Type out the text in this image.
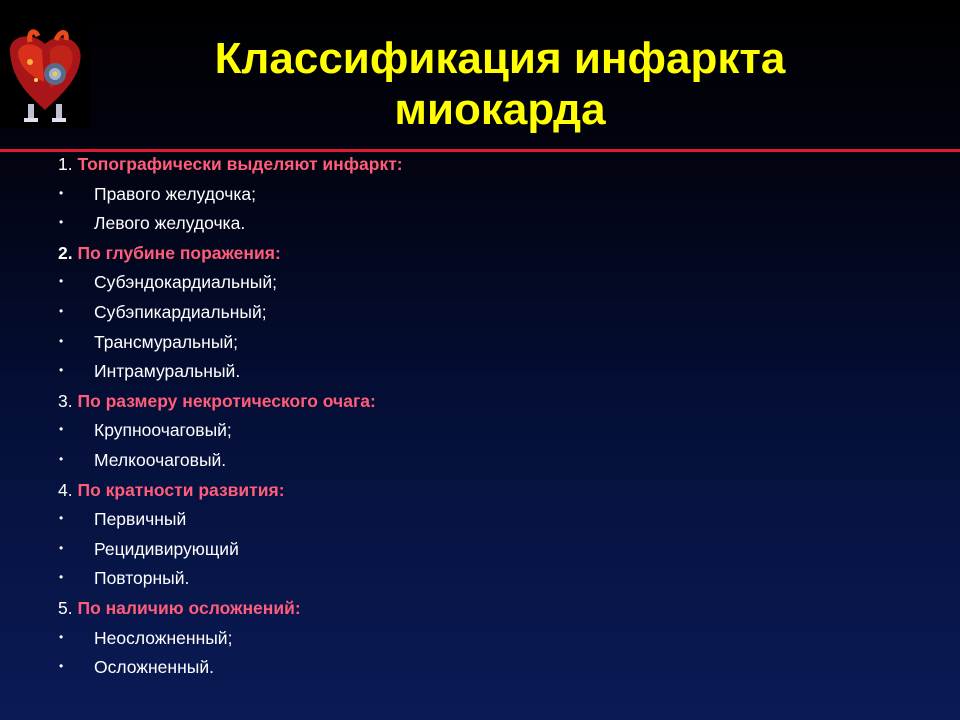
Классификация инфаркта
миокарда
1. Топографически выделяют инфаркт:
• Правого желудочка;
• Левого желудочка.
2. По глубине поражения:
• Субэндокардиальный;
• Субэпикардиальный;
• Трансмуральный;
• Интрамуральный.
3. По размеру некротического очага:
• Крупноочаговый;
• Мелкоочаговый.
4. По кратности развития:
• Первичный
• Рецидивирующий
• Повторный.
5. По наличию осложнений:
• Неосложненный;
• Осложненный.
